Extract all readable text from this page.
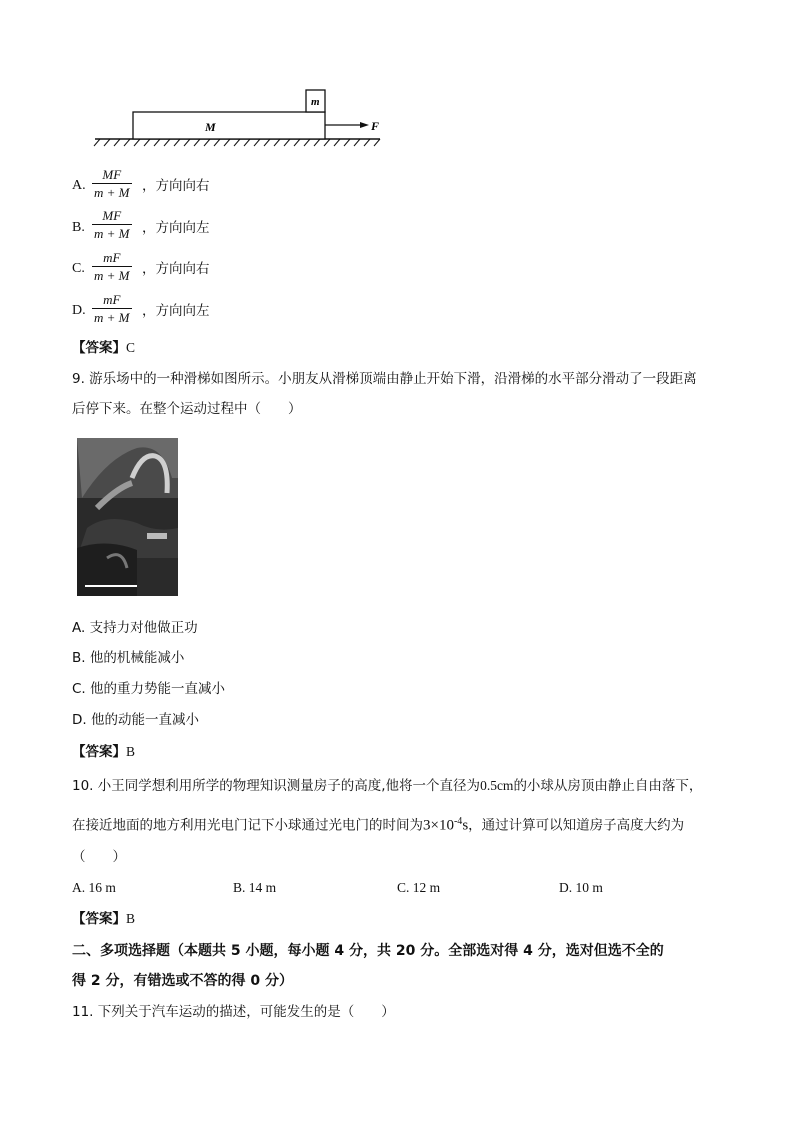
M
m
F
A. $\frac{MF}{m + M}$ ，方向向右
B. $\frac{MF}{m + M}$ ，方向向左
C. $\frac{mF}{m + M}$ ，方向向右
D. $\frac{mF}{m + M}$ ，方向向左
【答案】C
9. 游乐场中的一种滑梯如图所示。小朋友从滑梯顶端由静止开始下滑，沿滑梯的水平部分滑动了一段距离
后停下来。在整个运动过程中（　　）
A. 支持力对他做正功
B. 他的机械能减小
C. 他的重力势能一直减小
D. 他的动能一直减小
【答案】B
10. 小王同学想利用所学的物理知识测量房子的高度,他将一个直径为0.5cm的小球从房顶由静止自由落下，
在接近地面的地方利用光电门记下小球通过光电门的时间为$3\times 10^{-4}s$，通过计算可以知道房子高度大约为
（　　）
A. 16 m	B. 14 m	C. 12 m	D. 10 m
【答案】B
二、多项选择题（本题共 5 小题，每小题 4 分，共 20 分。全部选对得 4 分，选对但选不全的
得 2 分，有错选或不答的得 0 分）
11. 下列关于汽车运动的描述，可能发生的是（　　）
